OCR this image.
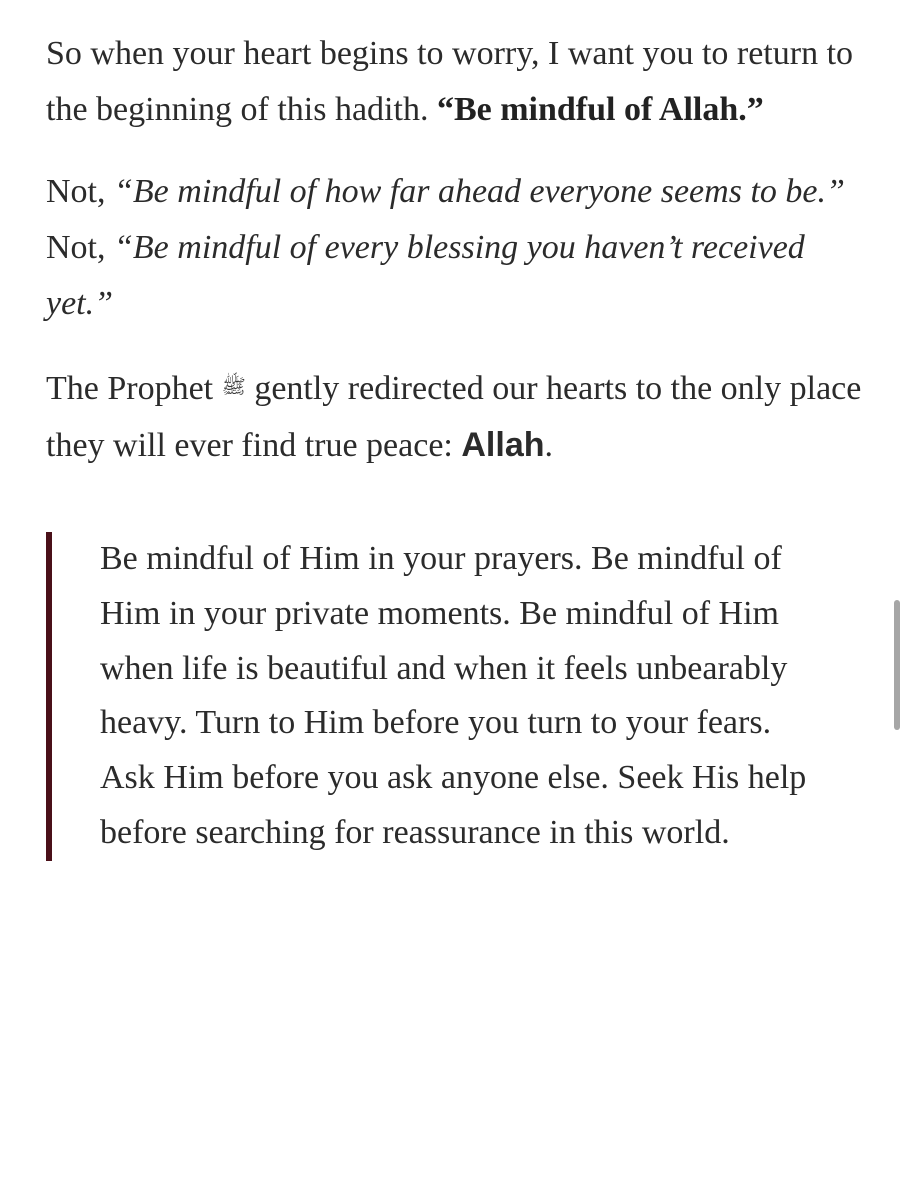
So when your heart begins to worry, I want you to return to the beginning of this hadith. “Be mindful of Allah.”

Not, “Be mindful of how far ahead everyone seems to be.” Not, “Be mindful of every blessing you haven’t received yet.”

The Prophet ﷺ gently redirected our hearts to the only place they will ever find true peace: Allah.

Be mindful of Him in your prayers. Be mindful of Him in your private moments. Be mindful of Him when life is beautiful and when it feels unbearably heavy. Turn to Him before you turn to your fears. Ask Him before you ask anyone else. Seek His help before searching for reassurance in this world.
